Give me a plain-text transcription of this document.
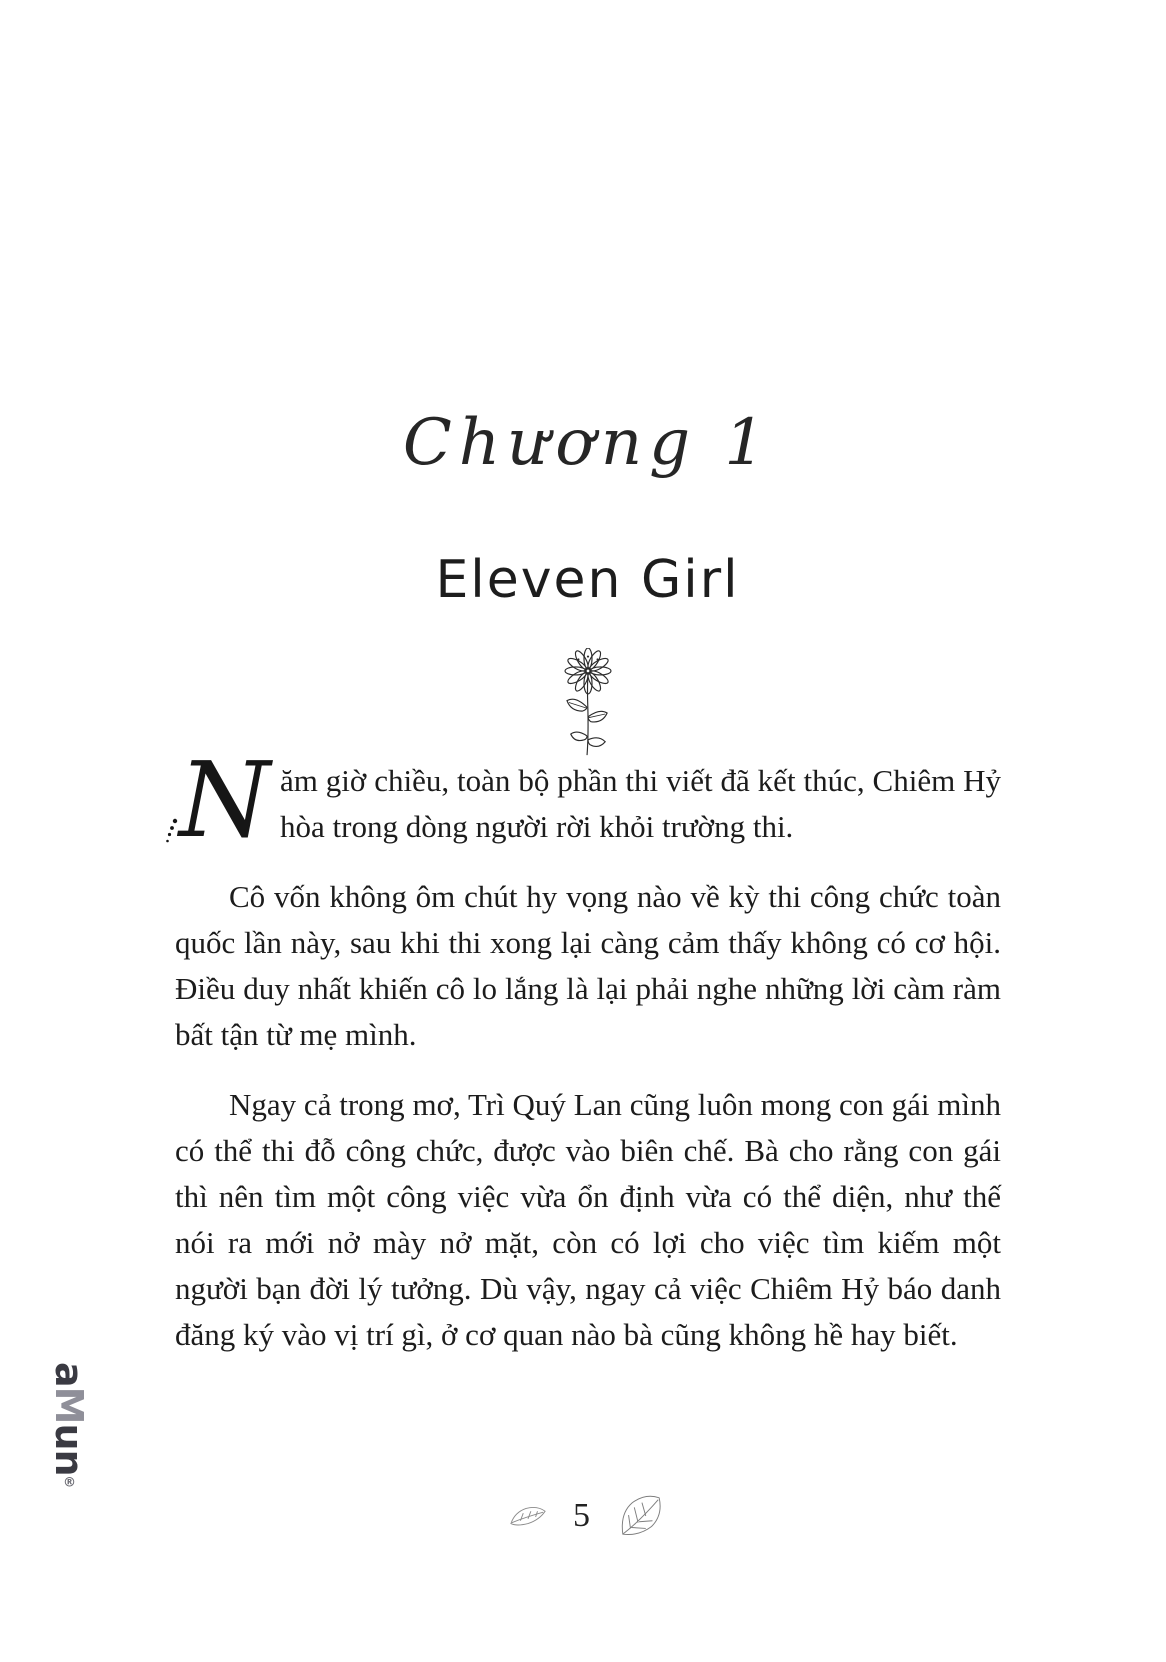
aMun®
Chương 1
Eleven Girl

Năm giờ chiều, toàn bộ phần thi viết đã kết thúc, Chiêm Hỷ hòa trong dòng người rời khỏi trường thi.

Cô vốn không ôm chút hy vọng nào về kỳ thi công chức toàn quốc lần này, sau khi thi xong lại càng cảm thấy không có cơ hội. Điều duy nhất khiến cô lo lắng là lại phải nghe những lời càm ràm bất tận từ mẹ mình.

Ngay cả trong mơ, Trì Quý Lan cũng luôn mong con gái mình có thể thi đỗ công chức, được vào biên chế. Bà cho rằng con gái thì nên tìm một công việc vừa ổn định vừa có thể diện, như thế nói ra mới nở mày nở mặt, còn có lợi cho việc tìm kiếm một người bạn đời lý tưởng. Dù vậy, ngay cả việc Chiêm Hỷ báo danh đăng ký vào vị trí gì, ở cơ quan nào bà cũng không hề hay biết.

5
